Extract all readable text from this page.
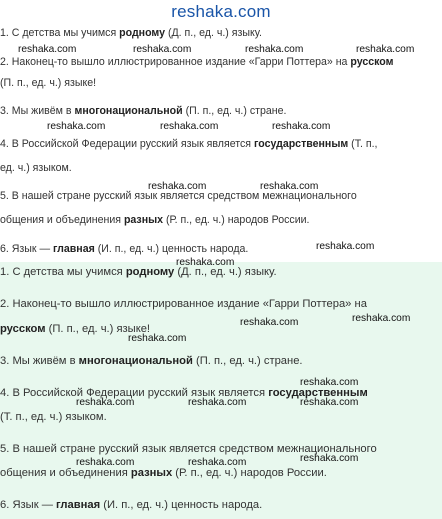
reshaka.com
1. С детства мы учимся родному (Д. п., ед. ч.) языку.
2. Наконец-то вышло иллюстрированное издание «Гарри Поттера» на русском
(П. п., ед. ч.) языке!
3. Мы живём в многонациональной (П. п., ед. ч.) стране.
4. В Российской Федерации русский язык является государственным (Т. п.,
ед. ч.) языком.
5. В нашей стране русский язык является средством межнационального
общения и объединения разных (Р. п., ед. ч.) народов России.
6. Язык — главная (И. п., ед. ч.) ценность народа.
1. С детства мы учимся родному (Д. п., ед. ч.) языку.
2. Наконец-то вышло иллюстрированное издание «Гарри Поттера» на
русском (П. п., ед. ч.) языке!
3. Мы живём в многонациональной (П. п., ед. ч.) стране.
4. В Российской Федерации русский язык является государственным
(Т. п., ед. ч.) языком.
5. В нашей стране русский язык является средством межнационального
общения и объединения разных (Р. п., ед. ч.) народов России.
6. Язык — главная (И. п., ед. ч.) ценность народа.
reshaka.com	reshaka.com	reshaka.com	reshaka.com
reshaka.com	reshaka.com	reshaka.com
reshaka.com	reshaka.com
reshaka.com
reshaka.com
reshaka.com	reshaka.com
reshaka.com
reshaka.com
reshaka.com	reshaka.com	reshaka.com
reshaka.com	reshaka.com	reshaka.com
